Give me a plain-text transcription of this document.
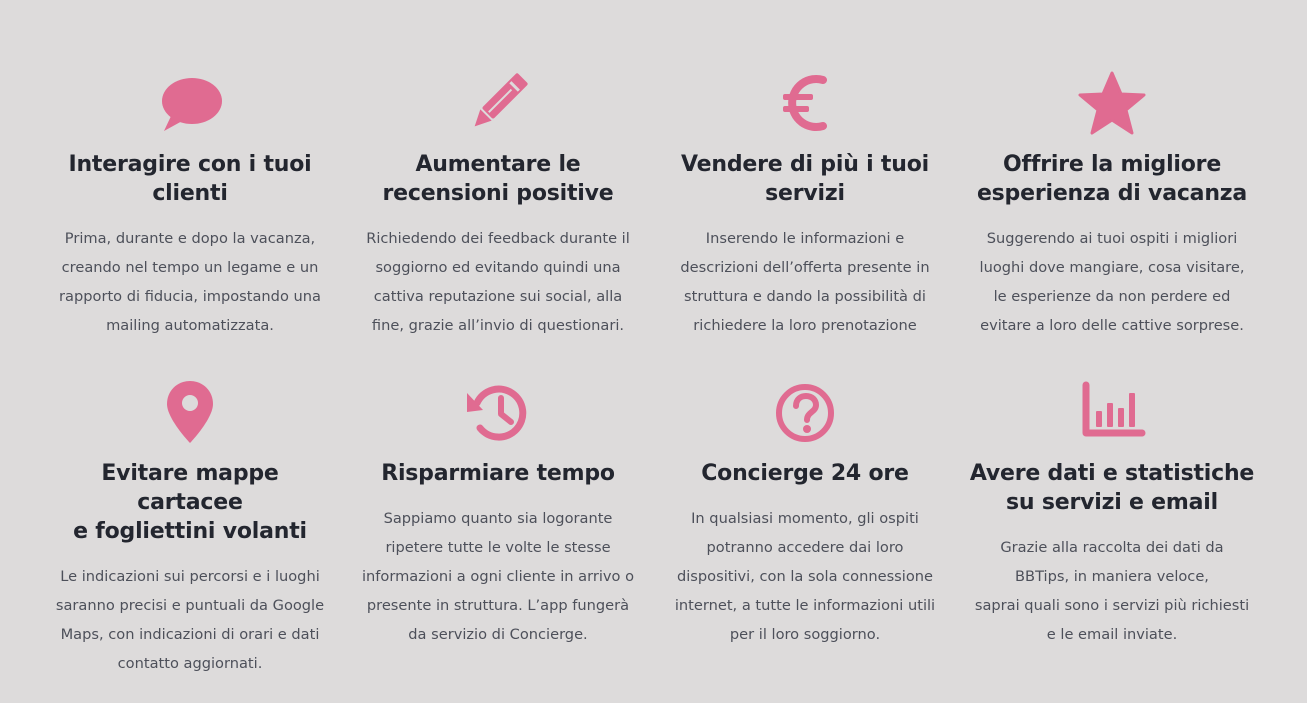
Interagire con i tuoi
clienti
Prima, durante e dopo la vacanza,
creando nel tempo un legame e un
rapporto di fiducia, impostando una
mailing automatizzata.
Aumentare le
recensioni positive
Richiedendo dei feedback durante il
soggiorno ed evitando quindi una
cattiva reputazione sui social, alla
fine, grazie all’invio di questionari.
Vendere di più i tuoi
servizi
Inserendo le informazioni e
descrizioni dell’offerta presente in
struttura e dando la possibilità di
richiedere la loro prenotazione
Offrire la migliore
esperienza di vacanza
Suggerendo ai tuoi ospiti i migliori
luoghi dove mangiare, cosa visitare,
le esperienze da non perdere ed
evitare a loro delle cattive sorprese.
Evitare mappe cartacee
e fogliettini volanti
Le indicazioni sui percorsi e i luoghi
saranno precisi e puntuali da Google
Maps, con indicazioni di orari e dati
contatto aggiornati.
Risparmiare tempo
Sappiamo quanto sia logorante
ripetere tutte le volte le stesse
informazioni a ogni cliente in arrivo o
presente in struttura. L’app fungerà
da servizio di Concierge.
Concierge 24 ore
In qualsiasi momento, gli ospiti
potranno accedere dai loro
dispositivi, con la sola connessione
internet, a tutte le informazioni utili
per il loro soggiorno.
Avere dati e statistiche
su servizi e email
Grazie alla raccolta dei dati da
BBTips, in maniera veloce,
saprai quali sono i servizi più richiesti
e le email inviate.
